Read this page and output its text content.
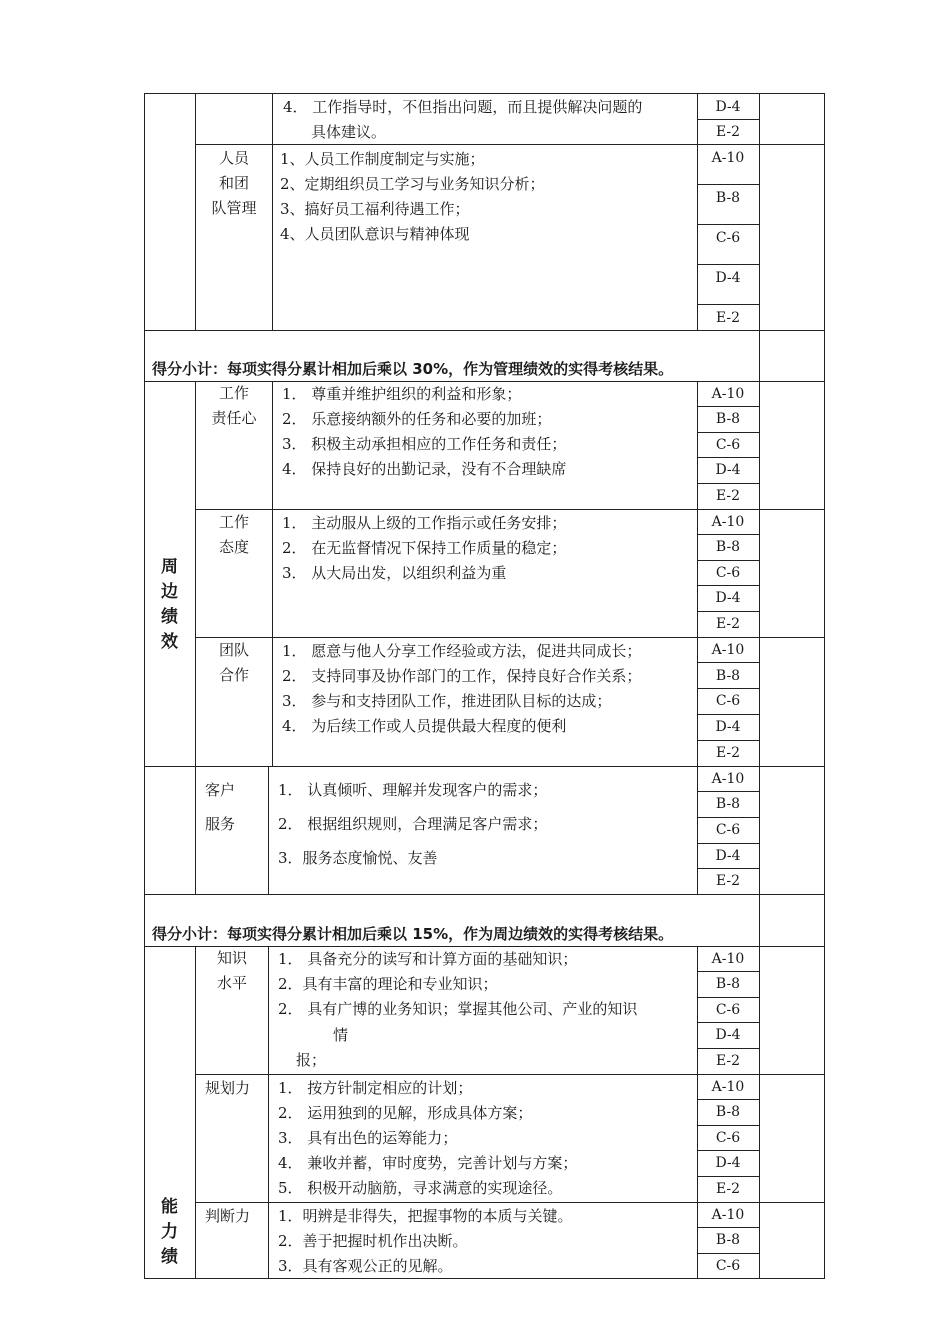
4． 工作指导时，不但指出问题，而且提供解决问题的
具体建议。
D-4
E-2
人员
和团
队管理
1、人员工作制度制定与实施；
2、定期组织员工学习与业务知识分析；
3、搞好员工福利待遇工作；
4、人员团队意识与精神体现
A-10
B-8
C-6
D-4
E-2
得分小计：每项实得分累计相加后乘以 30%，作为管理绩效的实得考核结果。
周
边
绩
效
工作
责任心
1． 尊重并维护组织的利益和形象；
2． 乐意接纳额外的任务和必要的加班；
3． 积极主动承担相应的工作任务和责任；
4． 保持良好的出勤记录，没有不合理缺席
A-10
B-8
C-6
D-4
E-2
工作
态度
1． 主动服从上级的工作指示或任务安排；
2． 在无监督情况下保持工作质量的稳定；
3． 从大局出发，以组织利益为重
A-10
B-8
C-6
D-4
E-2
团队
合作
1． 愿意与他人分享工作经验或方法，促进共同成长；
2． 支持同事及协作部门的工作，保持良好合作关系；
3． 参与和支持团队工作，推进团队目标的达成；
4． 为后续工作或人员提供最大程度的便利
A-10
B-8
C-6
D-4
E-2
客户
服务
1． 认真倾听、理解并发现客户的需求；
2． 根据组织规则，合理满足客户需求；
3．服务态度愉悦、友善
A-10
B-8
C-6
D-4
E-2
得分小计：每项实得分累计相加后乘以 15%，作为周边绩效的实得考核结果。
能
力
绩
知识
水平
1． 具备充分的读写和计算方面的基础知识；
2．具有丰富的理论和专业知识；
2． 具有广博的业务知识；掌握其他公司、产业的知识
情
报；
A-10
B-8
C-6
D-4
E-2
规划力 1． 按方针制定相应的计划；
2． 运用独到的见解，形成具体方案；
3． 具有出色的运筹能力；
4． 兼收并蓄，审时度势，完善计划与方案；
5． 积极开动脑筋，寻求满意的实现途径。
A-10
B-8
C-6
D-4
E-2
判断力 1．明辨是非得失，把握事物的本质与关键。
2．善于把握时机作出决断。
3．具有客观公正的见解。
A-10
B-8
C-6
